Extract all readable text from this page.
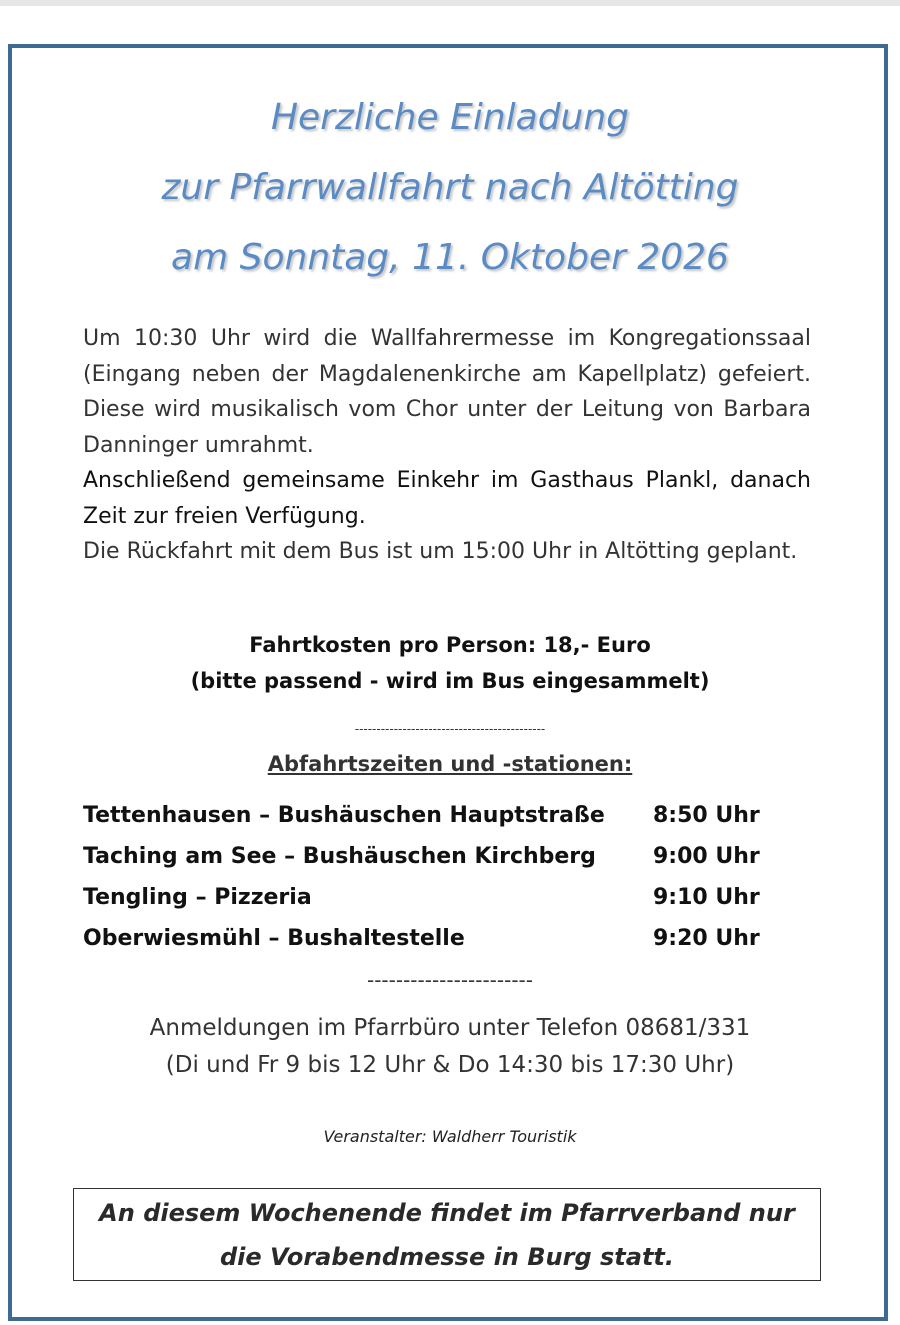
Herzliche Einladung
zur Pfarrwallfahrt nach Altötting
am Sonntag, 11. Oktober 2026

Um 10:30 Uhr wird die Wallfahrermesse im Kongregationssaal (Eingang neben der Magdalenenkirche am Kapellplatz) gefeiert. Diese wird musikalisch vom Chor unter der Leitung von Barbara Danninger umrahmt.

Anschließend gemeinsame Einkehr im Gasthaus Plankl, danach Zeit zur freien Verfügung.

Die Rückfahrt mit dem Bus ist um 15:00 Uhr in Altötting geplant.

Fahrtkosten pro Person: 18,- Euro
(bitte passend - wird im Bus eingesammelt)
--------------------------------------------
Abfahrtszeiten und -stationen:
Tettenhausen – Bushäuschen Hauptstraße 8:50 Uhr
Taching am See – Bushäuschen Kirchberg	9:00 Uhr
Tengling – Pizzeria	9:10 Uhr
Oberwiesmühl – Bushaltestelle	9:20 Uhr
-----------------------
Anmeldungen im Pfarrbüro unter Telefon 08681/331
(Di und Fr 9 bis 12 Uhr & Do 14:30 bis 17:30 Uhr)
Veranstalter: Waldherr Touristik
An diesem Wochenende findet im Pfarrverband nur
die Vorabendmesse in Burg statt.
